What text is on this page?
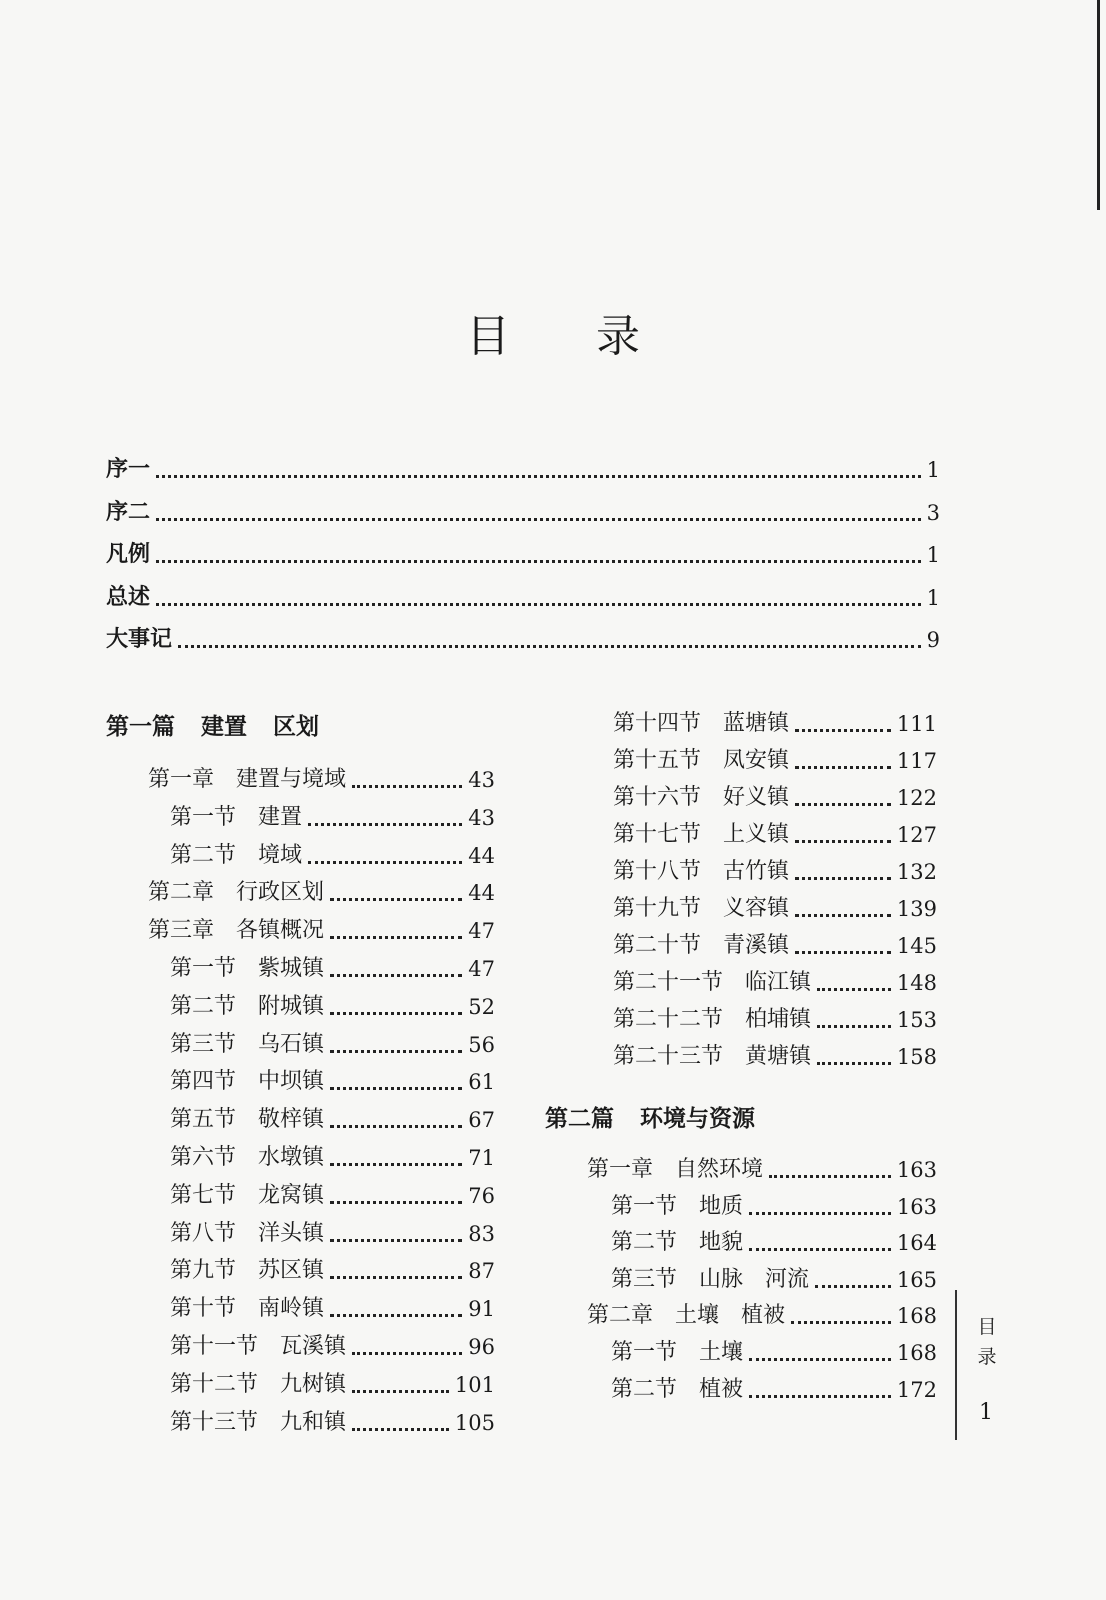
目 录
第一篇 建置 区划
第二篇 环境与资源
序一	1
序二	3
凡例	1
总述	1
大事记	9
第一章 建置与境域	43
第一节 建置	43
第二节 境域	44
第二章 行政区划	44
第三章 各镇概况	47
第一节 紫城镇	47
第二节 附城镇	52
第三节 乌石镇	56
第四节 中坝镇	61
第五节 敬梓镇	67
第六节 水墩镇	71
第七节 龙窝镇	76
第八节 洋头镇	83
第九节 苏区镇	87
第十节 南岭镇	91
第十一节 瓦溪镇	96
第十二节 九树镇	101
第十三节 九和镇	105
第十四节 蓝塘镇	111
第十五节 凤安镇	117
第十六节 好义镇	122
第十七节 上义镇	127
第十八节 古竹镇	132
第十九节 义容镇	139
第二十节 青溪镇	145
第二十一节 临江镇	148
第二十二节 柏埔镇	153
第二十三节 黄塘镇	158
第一章 自然环境	163
第一节 地质	163
第二节 地貌	164
第三节 山脉　河流	165
第二章 土壤　植被	168
第一节 土壤	168
第二节 植被	172
目
录
1
